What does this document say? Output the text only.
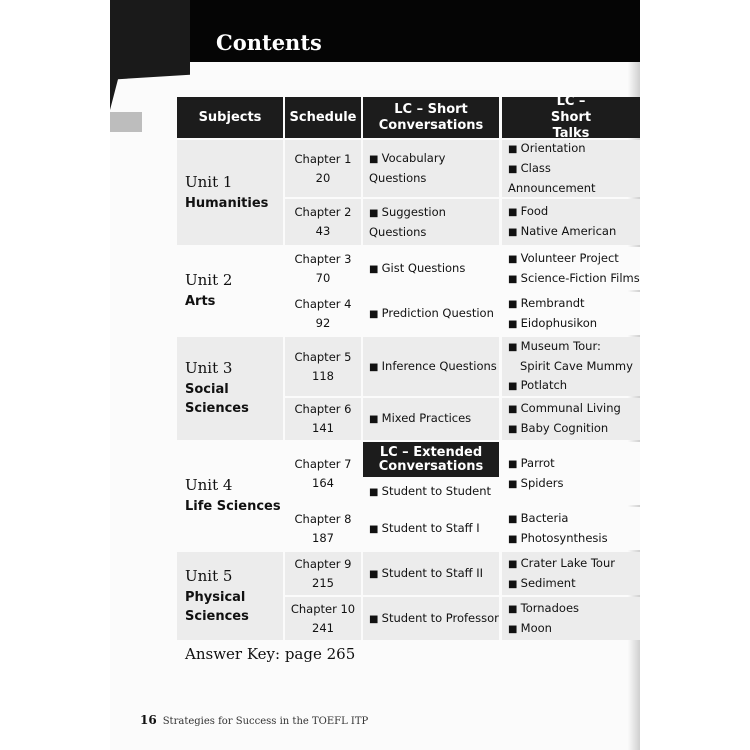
Contents
Subjects	Schedule
LC – Short Conversations
LC – Short Talks
Unit 1
Humanities
Unit 2
Arts
Unit 3
Social Sciences
Unit 4
Life Sciences
Unit 5
Physical Sciences
Chapter 1
20
■ Vocabulary Questions
■ Orientation
■ Class Announcement
Chapter 2
43
■ Suggestion Questions
■ Food
■ Native American
Chapter 3
70
■ Gist Questions
■ Volunteer Project
■ Science-Fiction Films
Chapter 4
92
■ Prediction Question
■ Rembrandt
■ Eidophusikon
Chapter 5
118
■ Inference Questions
■ Museum Tour:
Spirit Cave Mummy
■ Potlatch
Chapter 6
141
■ Mixed Practices
■ Communal Living
■ Baby Cognition
Chapter 7
164
LC – Extended Conversations
■ Student to Student
■ Parrot
■ Spiders
Chapter 8
187
■ Student to Staff I
■ Bacteria
■ Photosynthesis
Chapter 9
215
■ Student to Staff II
■ Crater Lake Tour
■ Sediment
Chapter 10
241
■ Student to Professor
■ Tornadoes
■ Moon
Answer Key: page 265
16 Strategies for Success in the TOEFL ITP
